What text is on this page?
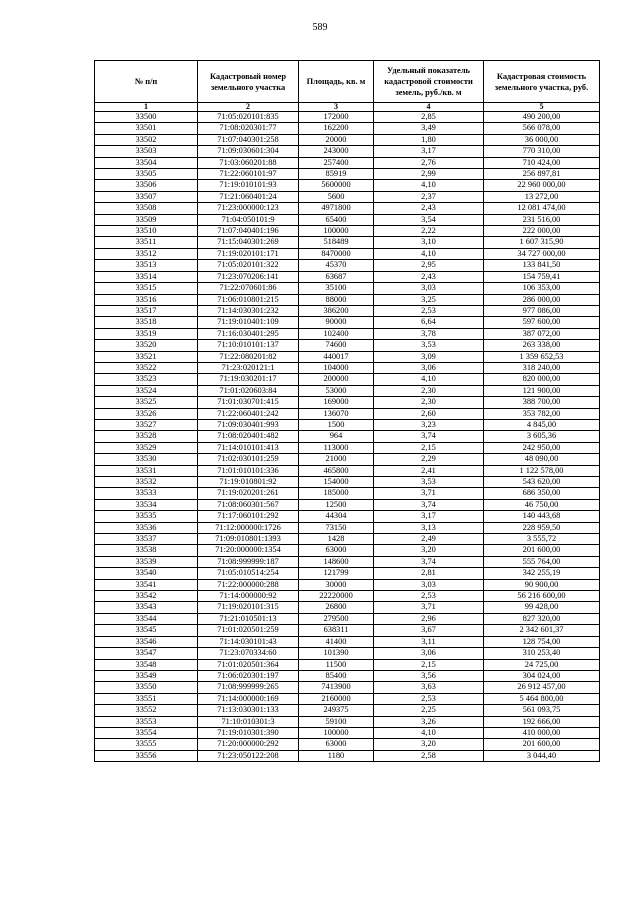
589
№ п/п	Кадастровый номер земельного участка	Площадь, кв. м	Удельный показатель кадастровой стоимости земель, руб./кв. м	Кадастровая стоимость земельного участка, руб.
1	2	3	4	5
33500	71:05:020101:835	172000	2,85	490 200,00
33501	71:08:020301:77	162200	3,49	566 078,00
33502	71:07:040301:258	20000	1,80	36 000,00
33503	71:09:030601:304	243000	3,17	770 310,00
33504	71:03:060201:88	257400	2,76	710 424,00
33505	71:22:060101:97	85919	2,99	256 897,81
33506	71:19:010101:93	5600000	4,10	22 960 000,00
33507	71:21:060401:24	5600	2,37	13 272,00
33508	71:23:000000:123	4971800	2,43	12 081 474,00
33509	71:04:050101:9	65400	3,54	231 516,00
33510	71:07:040401:196	100000	2,22	222 000,00
33511	71:15:040301:269	518489	3,10	1 607 315,90
33512	71:19:020101:171	8470000	4,10	34 727 000,00
33513	71:05:020101:322	45370	2,95	133 841,50
33514	71:23:070206:141	63687	2,43	154 759,41
33515	71:22:070601:86	35100	3,03	106 353,00
33516	71:06:010801:215	88000	3,25	286 000,00
33517	71:14:030301:232	386200	2,53	977 086,00
33518	71:19:010401:109	90000	6,64	597 600,00
33519	71:16:030401:295	102400	3,78	387 072,00
33520	71:10:010101:137	74600	3,53	263 338,00
33521	71:22:080201:82	440017	3,09	1 359 652,53
33522	71:23:020121:1	104000	3,06	318 240,00
33523	71:19:030201:17	200000	4,10	820 000,00
33524	71:01:020603:84	53000	2,30	121 900,00
33525	71:01:030701:415	169000	2,30	388 700,00
33526	71:22:060401:242	136070	2,60	353 782,00
33527	71:09:030401:993	1500	3,23	4 845,00
33528	71:08:020401:482	964	3,74	3 605,36
33529	71:14:010101:413	113000	2,15	242 950,00
33530	71:02:030101:259	21000	2,29	48 090,00
33531	71:01:010101:336	465800	2,41	1 122 578,00
33532	71:19:010801:92	154000	3,53	543 620,00
33533	71:19:020201:261	185000	3,71	686 350,00
33534	71:08:060301:567	12500	3,74	46 750,00
33535	71:17:060101:292	44304	3,17	140 443,68
33536	71:12:000000:1726	73150	3,13	228 959,50
33537	71:09:010801:1393	1428	2,49	3 555,72
33538	71:20:000000:1354	63000	3,20	201 600,00
33539	71:08:999999:187	148600	3,74	555 764,00
33540	71:05:010514:254	121799	2,81	342 255,19
33541	71:22:000000:288	30000	3,03	90 900,00
33542	71:14:000000:92	22220000	2,53	56 216 600,00
33543	71:19:020101:315	26800	3,71	99 428,00
33544	71:21:010501:13	279500	2,96	827 320,00
33545	71:01:020501:259	638311	3,67	2 342 601,37
33546	71:14:030101:43	41400	3,11	128 754,00
33547	71:23:070334:60	101390	3,06	310 253,40
33548	71:01:020501:364	11500	2,15	24 725,00
33549	71:06:020301:197	85400	3,56	304 024,00
33550	71:08:999999:265	7413900	3,63	26 912 457,00
33551	71:14:000000:169	2160000	2,53	5 464 800,00
33552	71:13:030301:133	249375	2,25	561 093,75
33553	71:10:010301:3	59100	3,26	192 666,00
33554	71:19:010301:390	100000	4,10	410 000,00
33555	71:20:000000:292	63000	3,20	201 600,00
33556	71:23:050122:208	1180	2,58	3 044,40
